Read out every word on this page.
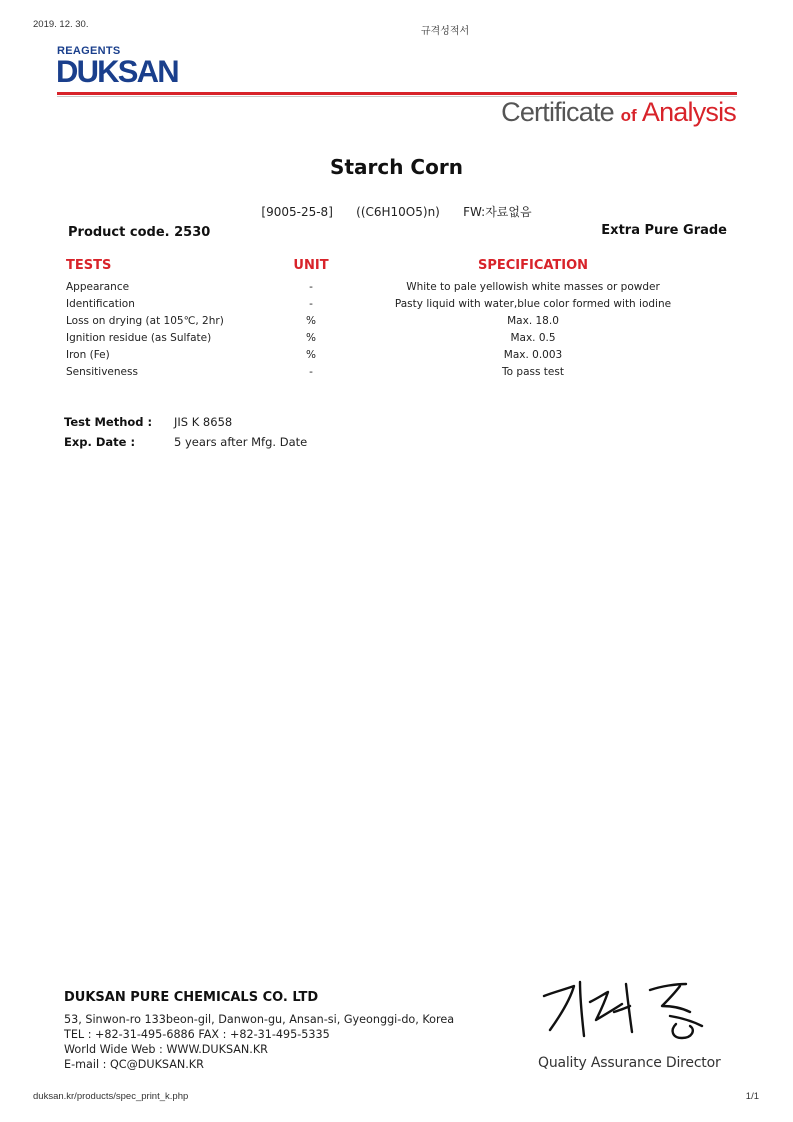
2019. 12. 30.
규격성적서
REAGENTS
DUKSAN
Certificate of Analysis
Starch Corn
[9005-25-8]    ((C6H10O5)n)    FW:자료없음
Product code. 2530	Extra Pure Grade
TESTS	UNIT	SPECIFICATION
Appearance	-	White to pale yellowish white masses or powder
Identification	-	Pasty liquid with water,blue color formed with iodine
Loss on drying (at 105℃, 2hr)	%	Max. 18.0
Ignition residue (as Sulfate)	%	Max. 0.5
Iron (Fe)	%	Max. 0.003
Sensitiveness	-	To pass test
Test Method : JIS K 8658
Exp. Date :	5 years after Mfg. Date
DUKSAN PURE CHEMICALS CO. LTD
53, Sinwon-ro 133beon-gil, Danwon-gu, Ansan-si, Gyeonggi-do, Korea
TEL : +82-31-495-6886 FAX : +82-31-495-5335
World Wide Web : WWW.DUKSAN.KR
E-mail : QC@DUKSAN.KR	Quality Assurance Director
duksan.kr/products/spec_print_k.php	1/1
